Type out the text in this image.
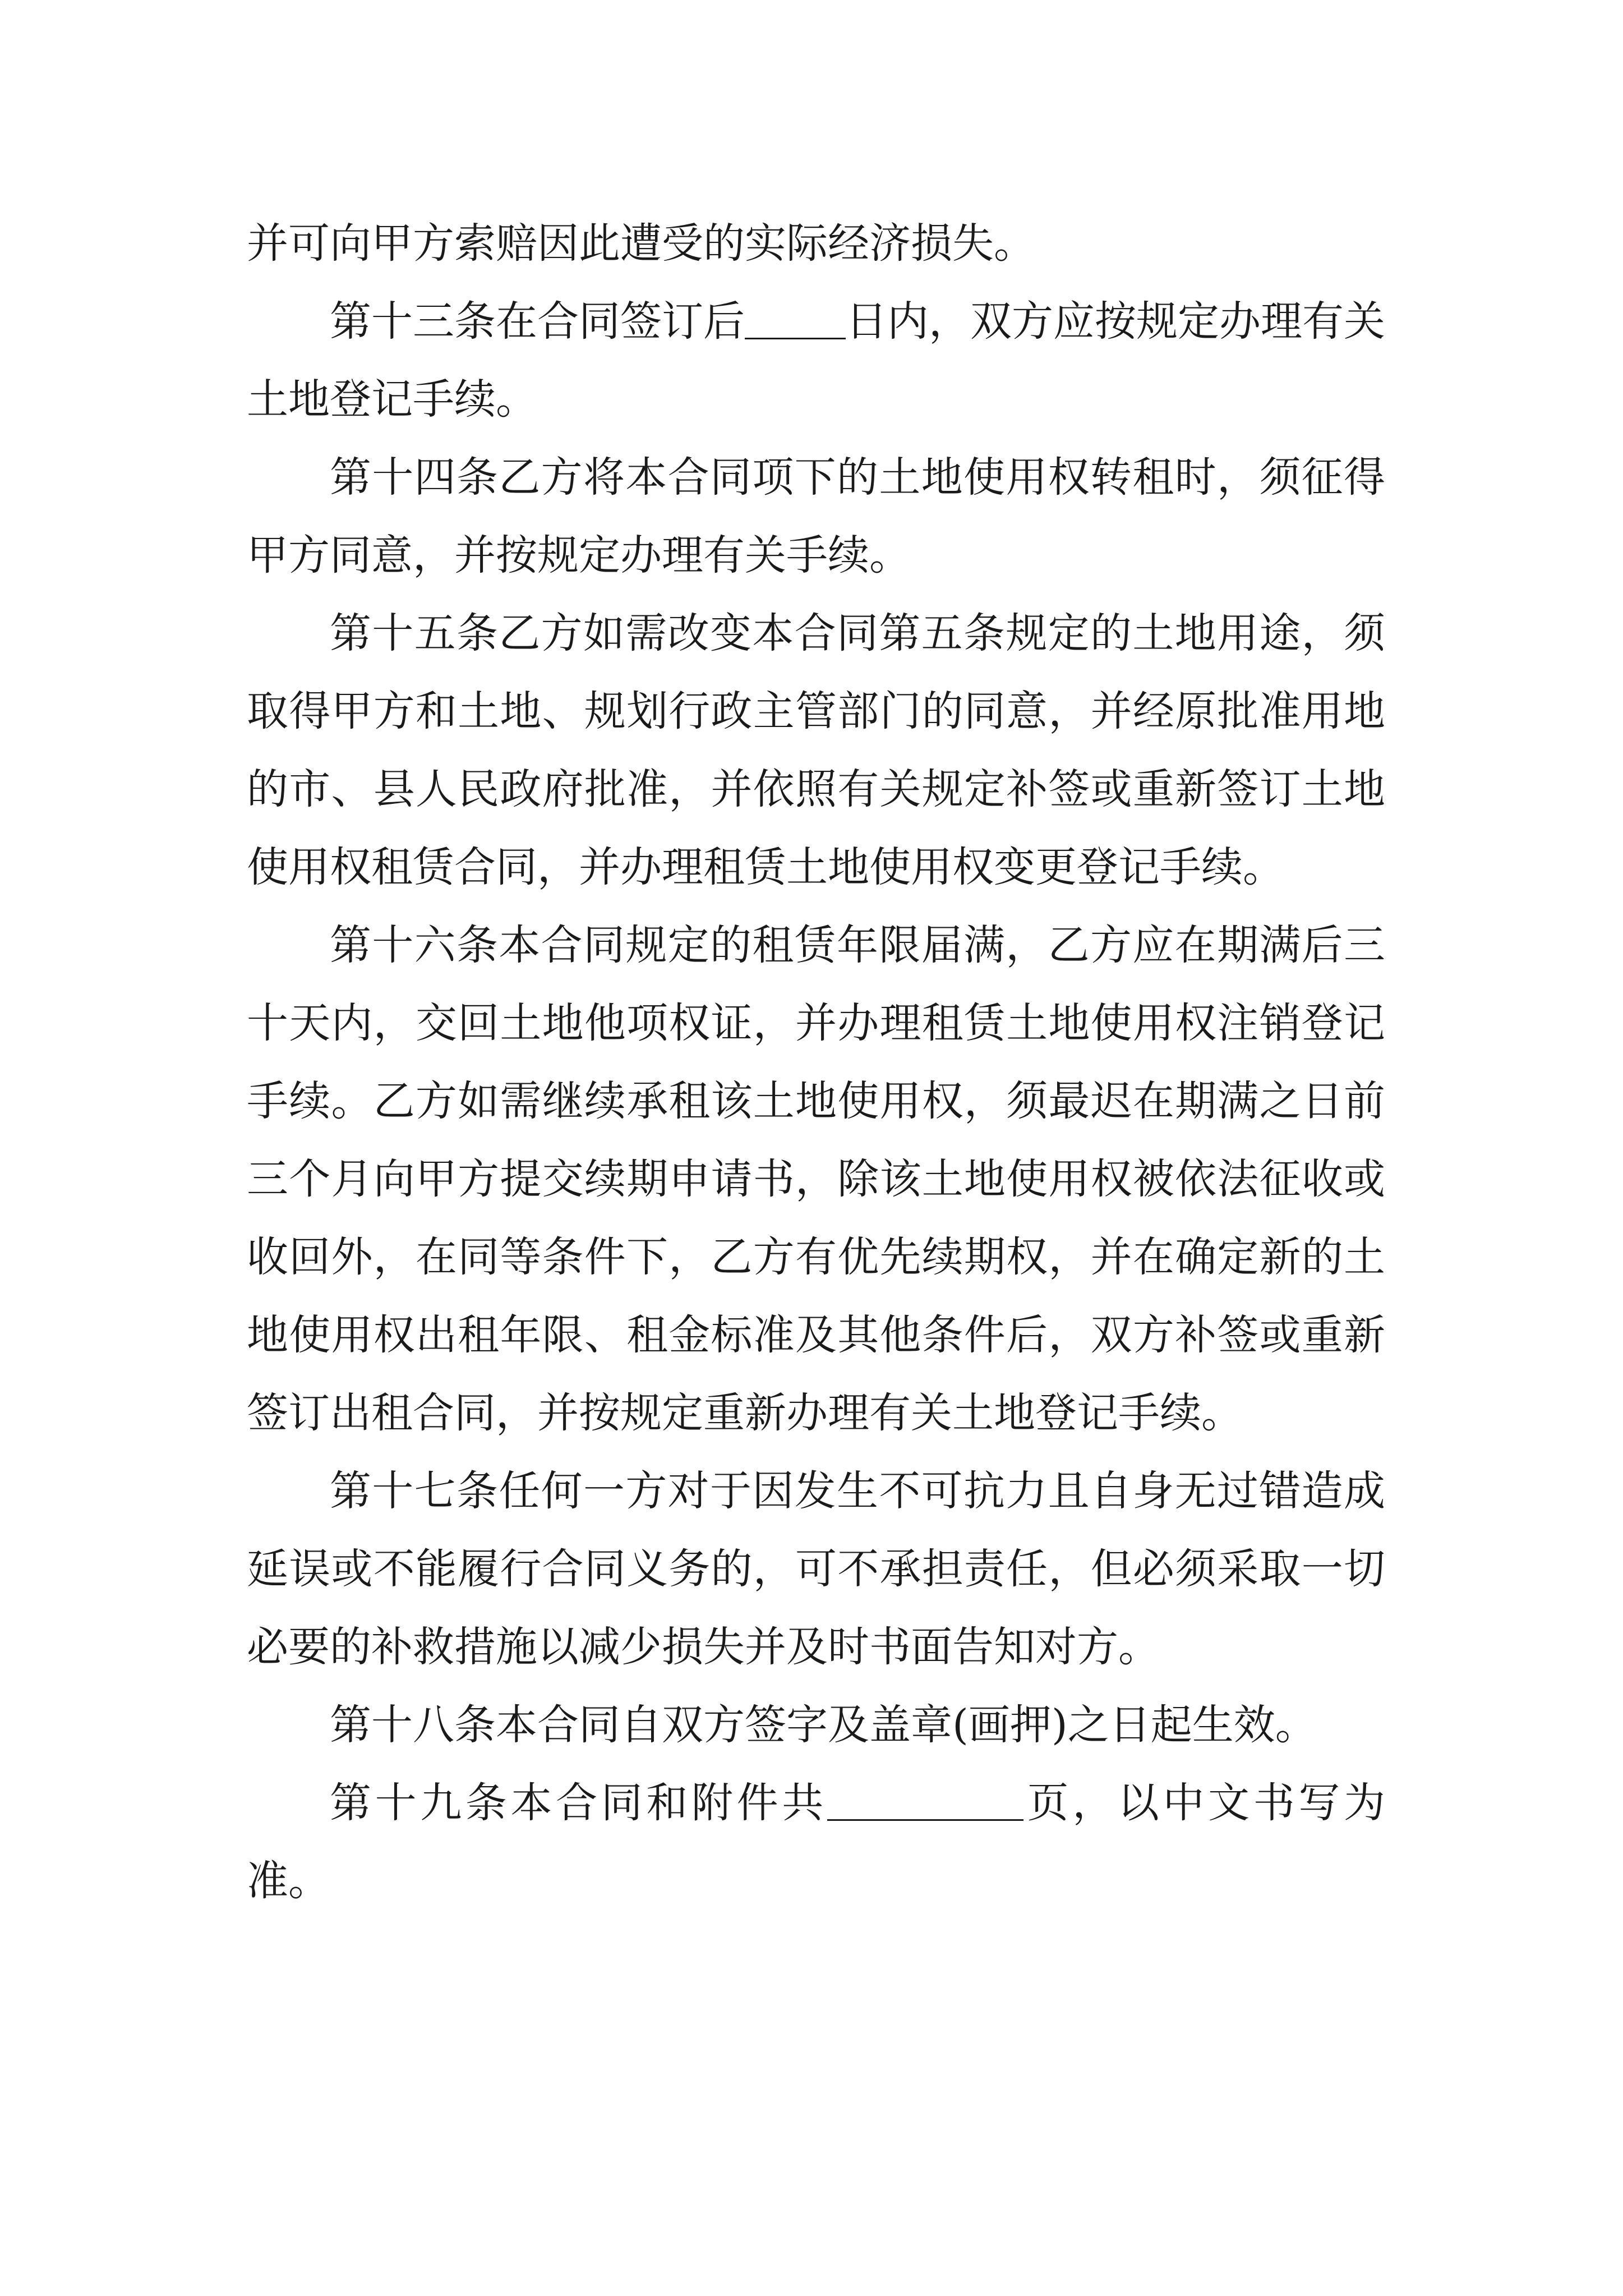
并可向甲方索赔因此遭受的实际经济损失。

第十三条在合同签订后 日内，双方应按规定办理有关土地登记手续。

第十四条乙方将本合同项下的土地使用权转租时，须征得甲方同意，并按规定办理有关手续。

第十五条乙方如需改变本合同第五条规定的土地用途，须取得甲方和土地、规划行政主管部门的同意，并经原批准用地的市、县人民政府批准，并依照有关规定补签或重新签订土地使用权租赁合同，并办理租赁土地使用权变更登记手续。

第十六条本合同规定的租赁年限届满，乙方应在期满后三十天内，交回土地他项权证，并办理租赁土地使用权注销登记手续。乙方如需继续承租该土地使用权，须最迟在期满之日前三个月向甲方提交续期申请书，除该土地使用权被依法征收或收回外，在同等条件下，乙方有优先续期权，并在确定新的土地使用权出租年限、租金标准及其他条件后，双方补签或重新签订出租合同，并按规定重新办理有关土地登记手续。

第十七条任何一方对于因发生不可抗力且自身无过错造成延误或不能履行合同义务的，可不承担责任，但必须采取一切必要的补救措施以减少损失并及时书面告知对方。

第十八条本合同自双方签字及盖章(画押)之日起生效。

第十九条本合同和附件共	页，以中文书写为准。
